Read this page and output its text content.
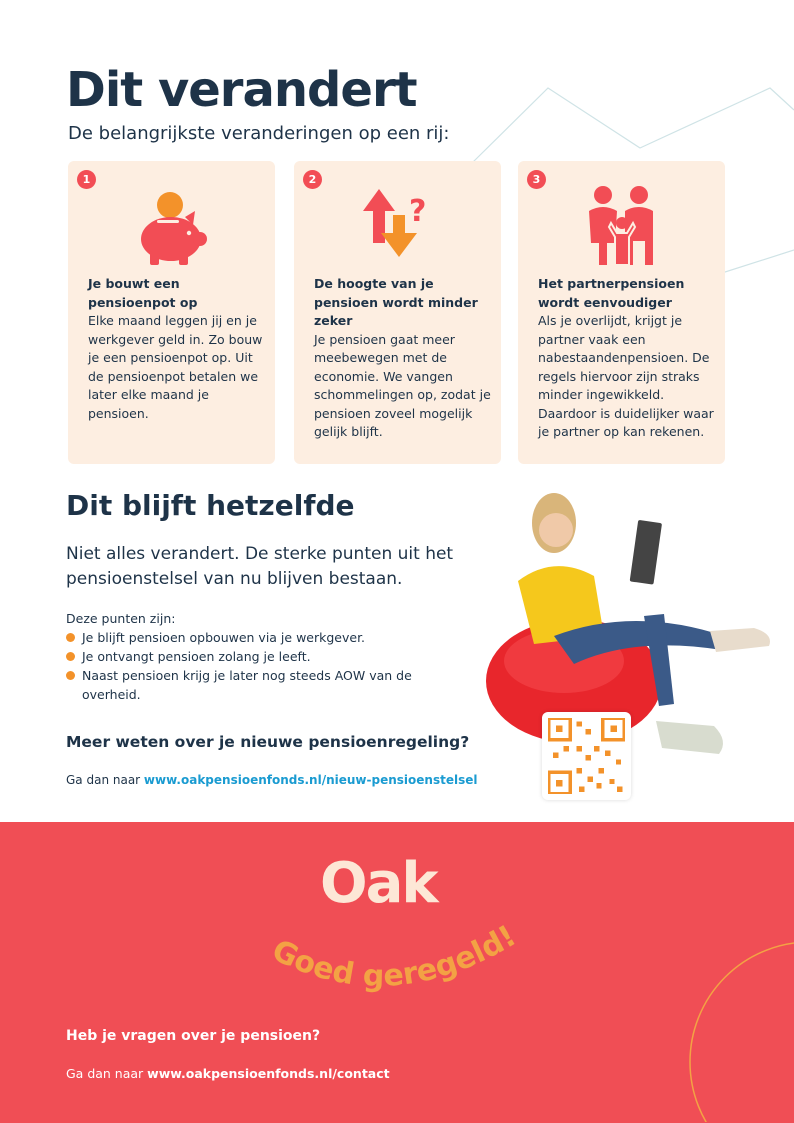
Dit verandert
De belangrijkste veranderingen op een rij:
1
Je bouwt een pensioenpot op
Elke maand leggen jij en je werkgever geld in. Zo bouw je een pensioenpot op. Uit de pensioenpot betalen we later elke maand je pensioen.
2
?
De hoogte van je pensioen wordt minder zeker
Je pensioen gaat meer meebewegen met de economie. We vangen schommelingen op, zodat je pensioen zoveel mogelijk gelijk blijft.
3
Het partnerpensioen wordt eenvoudiger
Als je overlijdt, krijgt je partner vaak een nabestaandenpensioen. De regels hiervoor zijn straks minder ingewikkeld. Daardoor is duidelijker waar je partner op kan rekenen.
Dit blijft hetzelfde

Niet alles verandert. De sterke punten uit het pensioenstelsel van nu blijven bestaan.

Deze punten zijn:
Je blijft pensioen opbouwen via je werkgever.
Je ontvangt pensioen zolang je leeft.
Naast pensioen krijg je later nog steeds AOW van de overheid.
Meer weten over je nieuwe pensioenregeling?
Ga dan naar www.oakpensioenfonds.nl/nieuw-pensioenstelsel
Oak
Goed geregeld!
Heb je vragen over je pensioen?
Ga dan naar www.oakpensioenfonds.nl/contact
